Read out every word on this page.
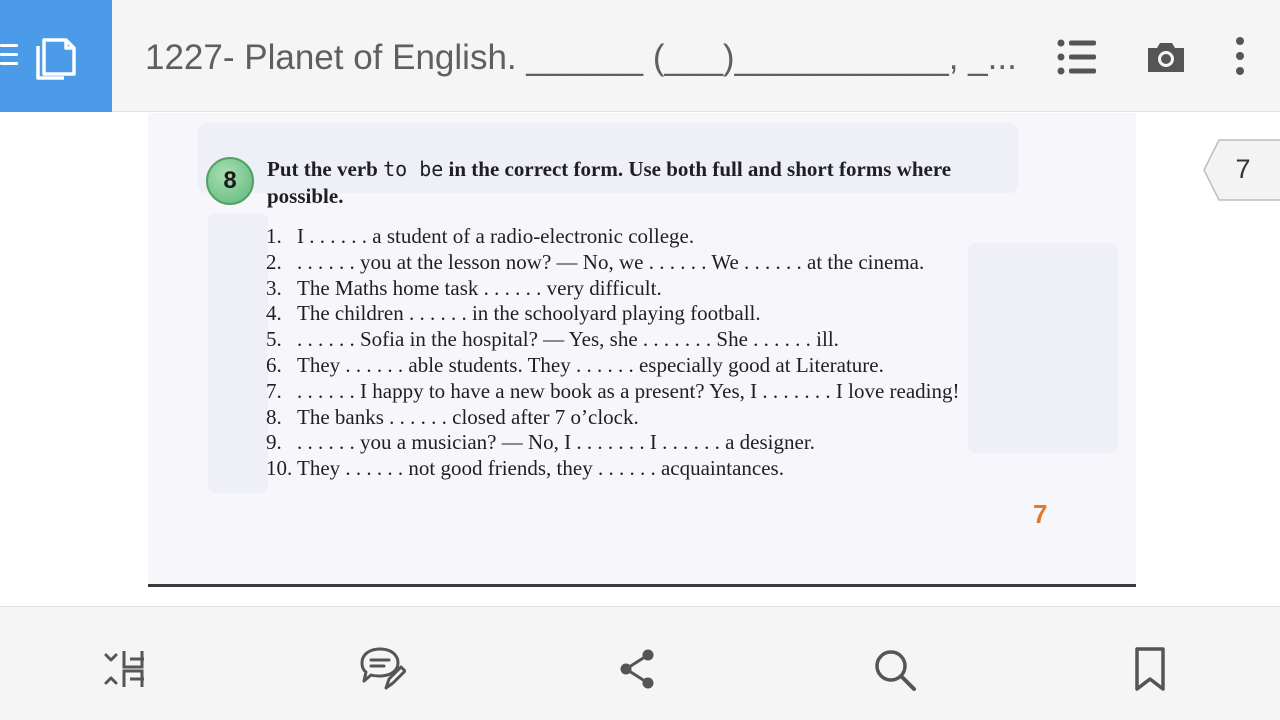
1227- Planet of English. ______ (___)___________, _...
8	Put the verb to be in the correct form. Use both full and short forms where possible.
1. I . . . . . . a student of a radio-electronic college.
2. . . . . . . you at the lesson now? — No, we . . . . . . We . . . . . . at the cinema.
3. The Maths home task . . . . . . very difficult.
4. The children . . . . . . in the schoolyard playing football.
5. . . . . . . Sofia in the hospital? — Yes, she . . . . . . . She . . . . . . ill.
6. They . . . . . . able students. They . . . . . . especially good at Literature.
7. . . . . . . I happy to have a new book as a present? Yes, I . . . . . . . I love reading!
8. The banks . . . . . . closed after 7 o’clock.
9. . . . . . . you a musician? — No, I . . . . . . . I . . . . . . a designer.
10. They . . . . . . not good friends, they . . . . . . acquaintances.
7
7
